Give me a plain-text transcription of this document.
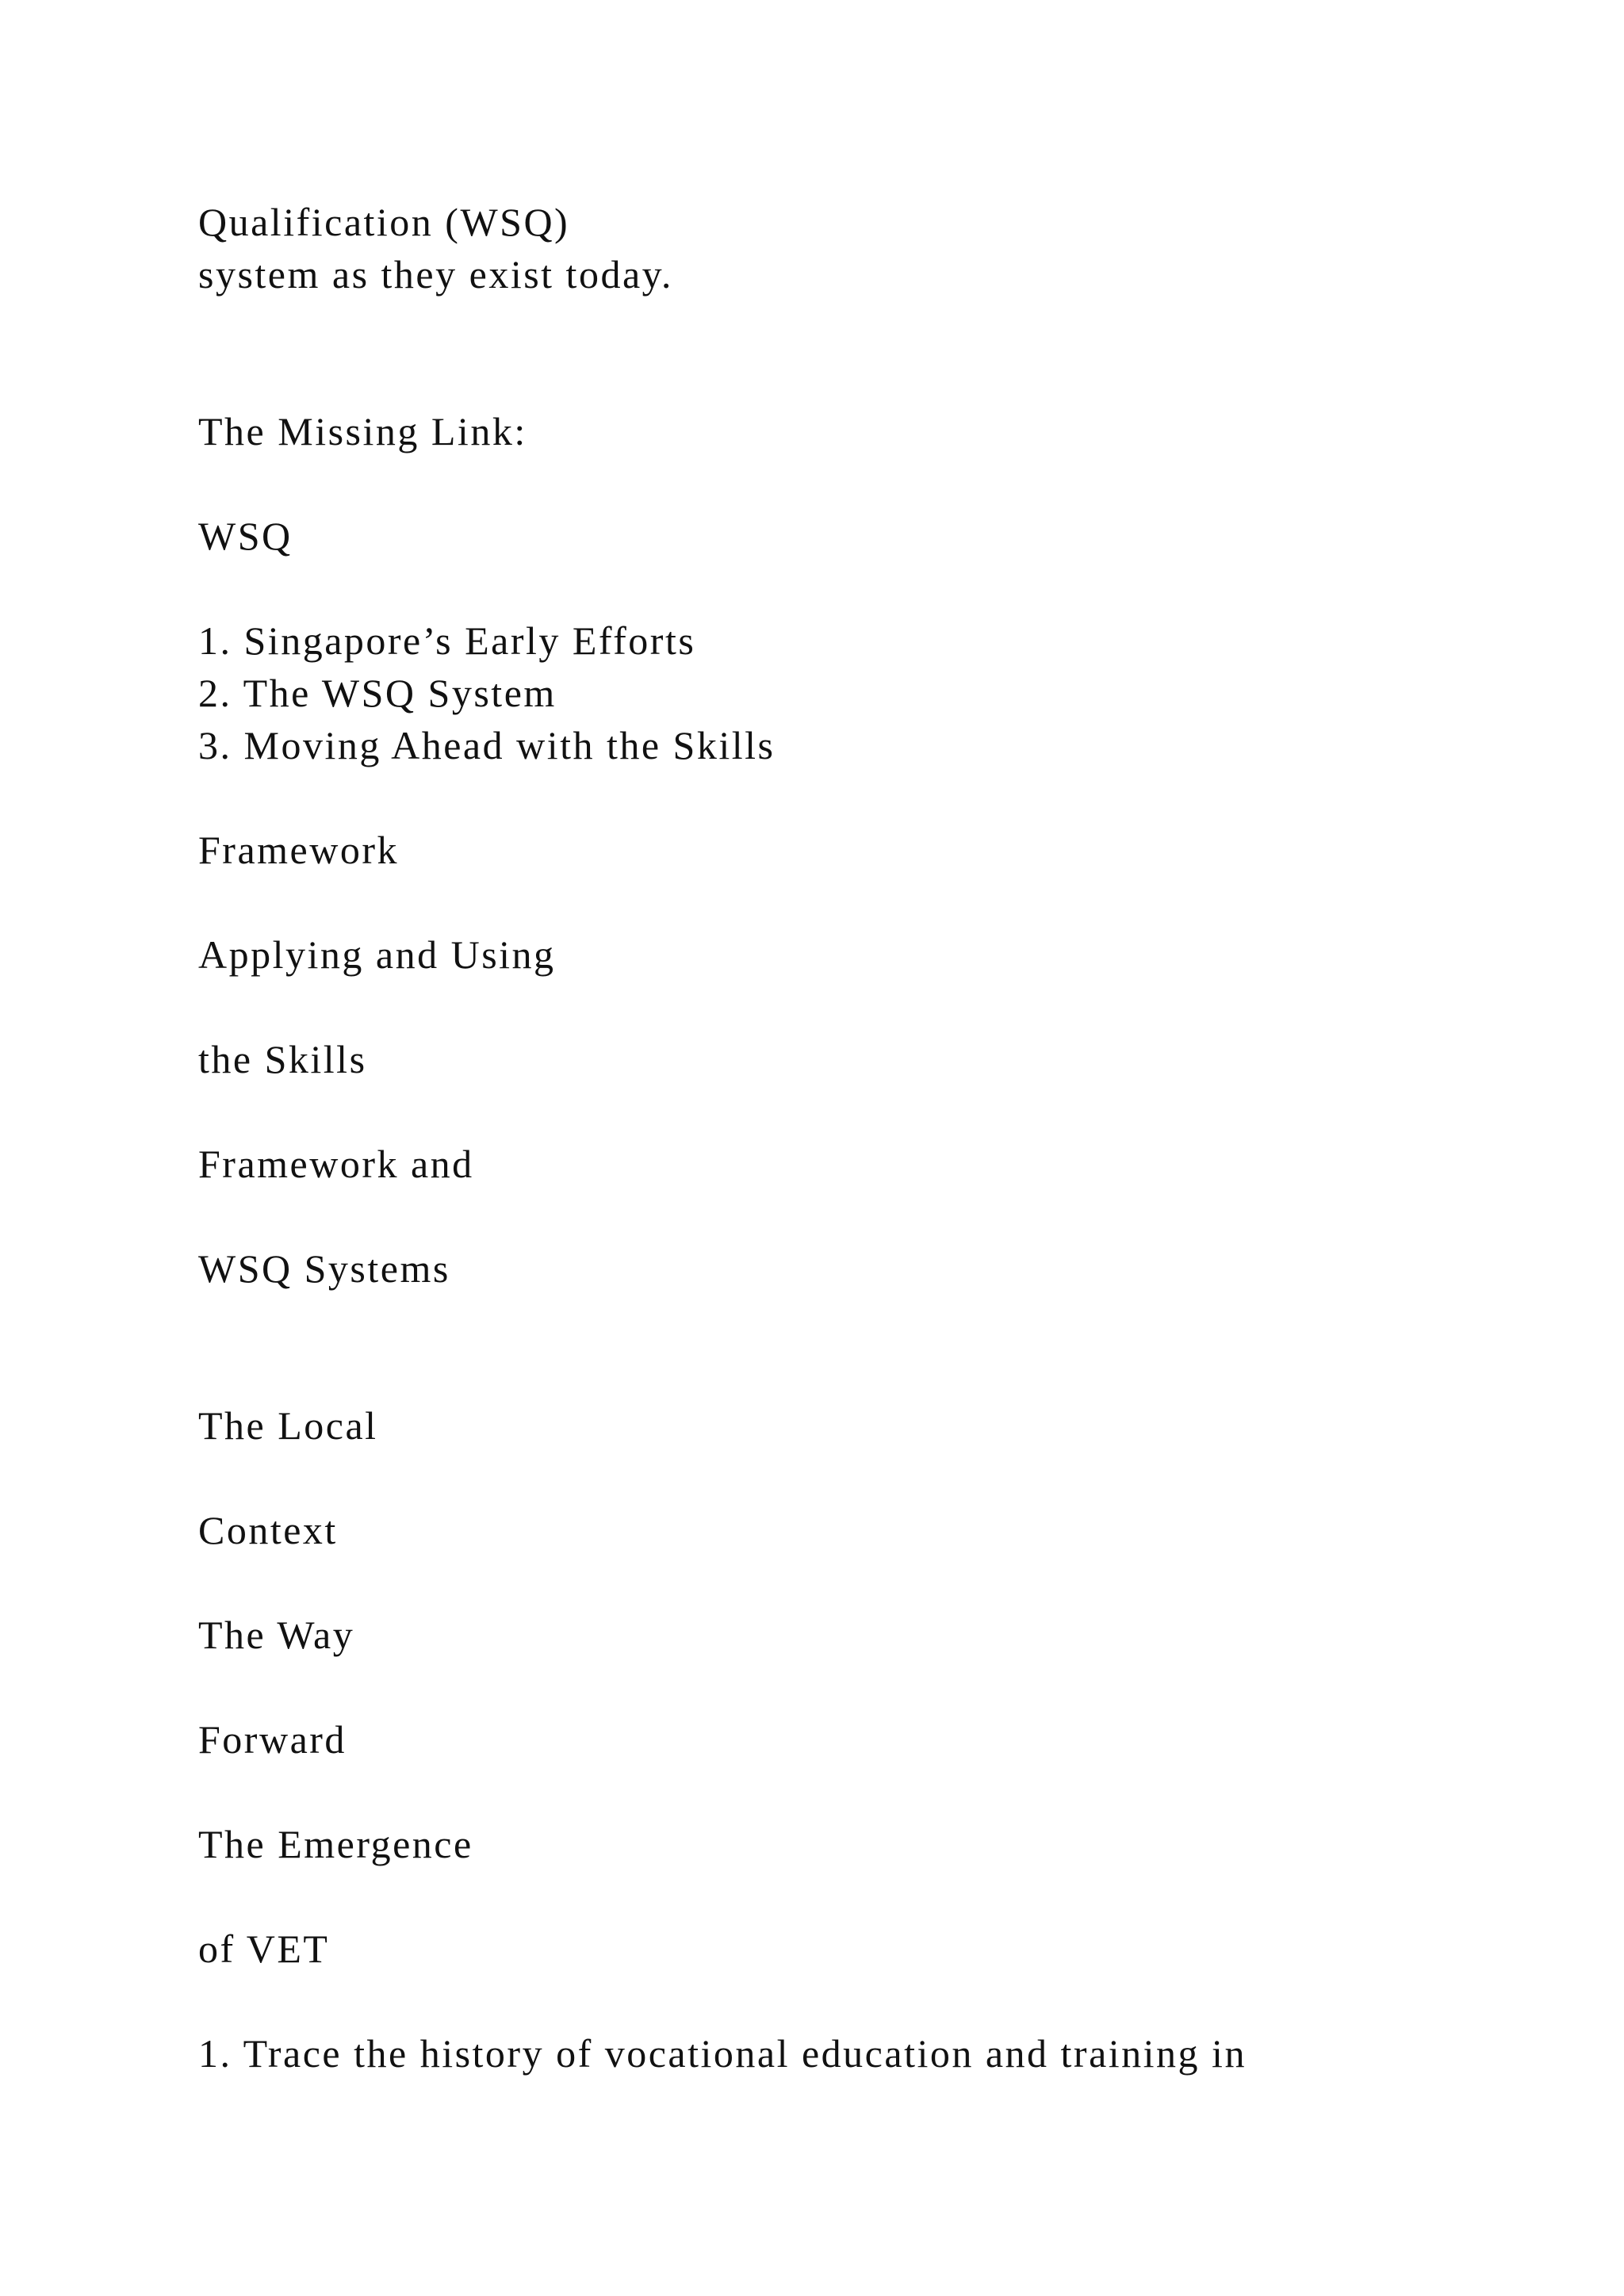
Qualification (WSQ)

system as they exist today.

The Missing Link:

WSQ

1. Singapore’s Early Efforts

2. The WSQ System

3. Moving Ahead with the Skills

Framework

Applying and Using

the Skills

Framework and

WSQ Systems

The Local

Context

The Way

Forward

The Emergence

of VET

1. Trace the history of vocational education and training in
